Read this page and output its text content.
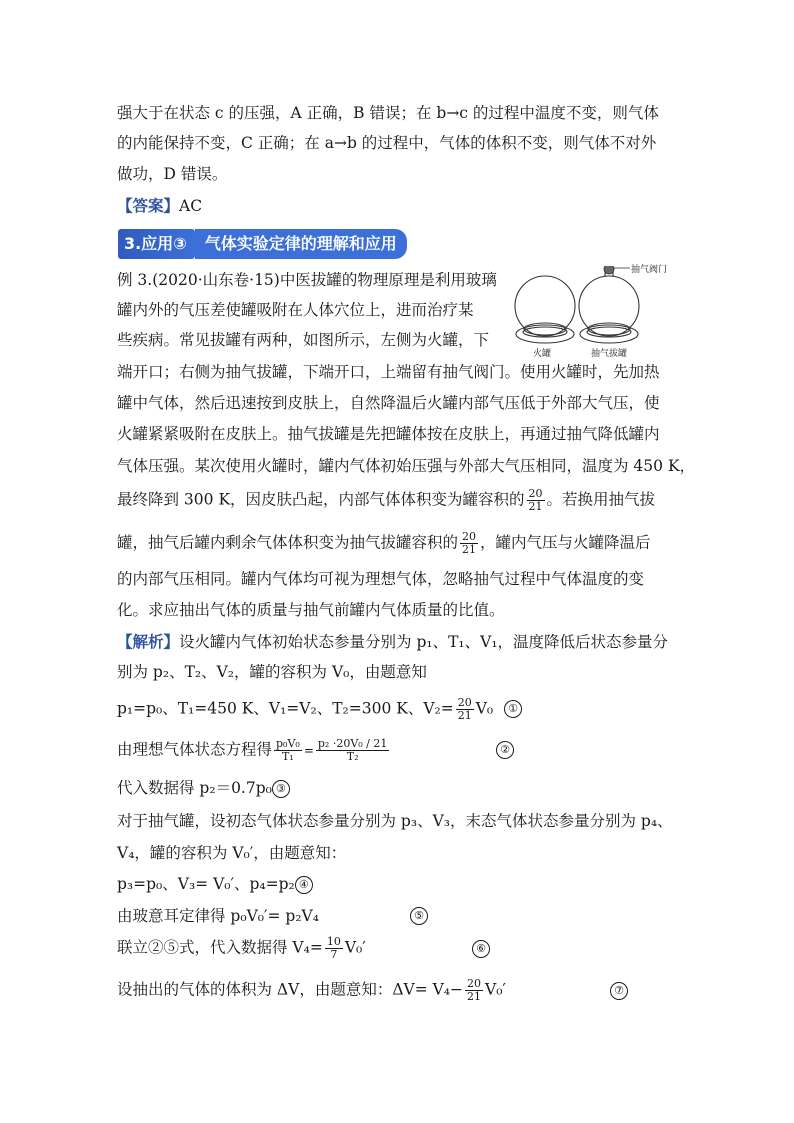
强大于在状态 c 的压强，A 正确，B 错误；在 b→c 的过程中温度不变，则气体
的内能保持不变，C 正确；在 a→b 的过程中，气体的体积不变，则气体不对外
做功，D 错误。
【答案】AC
3.应用③	气体实验定律的理解和应用
例 3.(2020·山东卷·15)中医拔罐的物理原理是利用玻璃
罐内外的气压差使罐吸附在人体穴位上，进而治疗某
些疾病。常见拔罐有两种，如图所示，左侧为火罐，下
端开口；右侧为抽气拔罐，下端开口，上端留有抽气阀门。使用火罐时，先加热
罐中气体，然后迅速按到皮肤上，自然降温后火罐内部气压低于外部大气压，使
火罐紧紧吸附在皮肤上。抽气拔罐是先把罐体按在皮肤上，再通过抽气降低罐内
气体压强。某次使用火罐时，罐内气体初始压强与外部大气压相同，温度为 450 K，
最终降到 300 K，因皮肤凸起，内部气体体积变为罐容积的 $\frac{20}{21}$ 。若换用抽气拔
罐，抽气后罐内剩余气体体积变为抽气拔罐容积的 $\frac{20}{21}$ ，罐内气压与火罐降温后
的内部气压相同。罐内气体均可视为理想气体，忽略抽气过程中气体温度的变
化。求应抽出气体的质量与抽气前罐内气体质量的比值。
【解析】设火罐内气体初始状态参量分别为 p₁、T₁、V₁，温度降低后状态参量分
别为 p₂、T₂、V₂，罐的容积为 V₀，由题意知
p₁=p₀、T₁=450 K、V₁=V₂、T₂=300 K、$V_2= \frac{20}{21} V_0$	①
由理想气体状态方程得 $\frac{\text{p₀V₀}}{\text{T₁}} = \frac{\text{p₂ ·20V₀ / 21}}{\text{T₂}}$	②
代入数据得 p₂＝0.7p₀ ③
对于抽气罐，设初态气体状态参量分别为 p₃、V₃，末态气体状态参量分别为 p₄、
V₄，罐的容积为 V₀′，由题意知：
p₃=p₀、V₃= V₀′、p₄=p₂ ④
由玻意耳定律得 p₀V₀′= p₂V₄	⑤
联立②⑤式，代入数据得 $V_4= \frac{10}{7} V_0'$	⑥
设抽出的气体的体积为 ΔV，由题意知：$\Delta V= V_4- \frac{20}{21} V_0'$	⑦
抽气阀门
火罐	抽气拔罐
